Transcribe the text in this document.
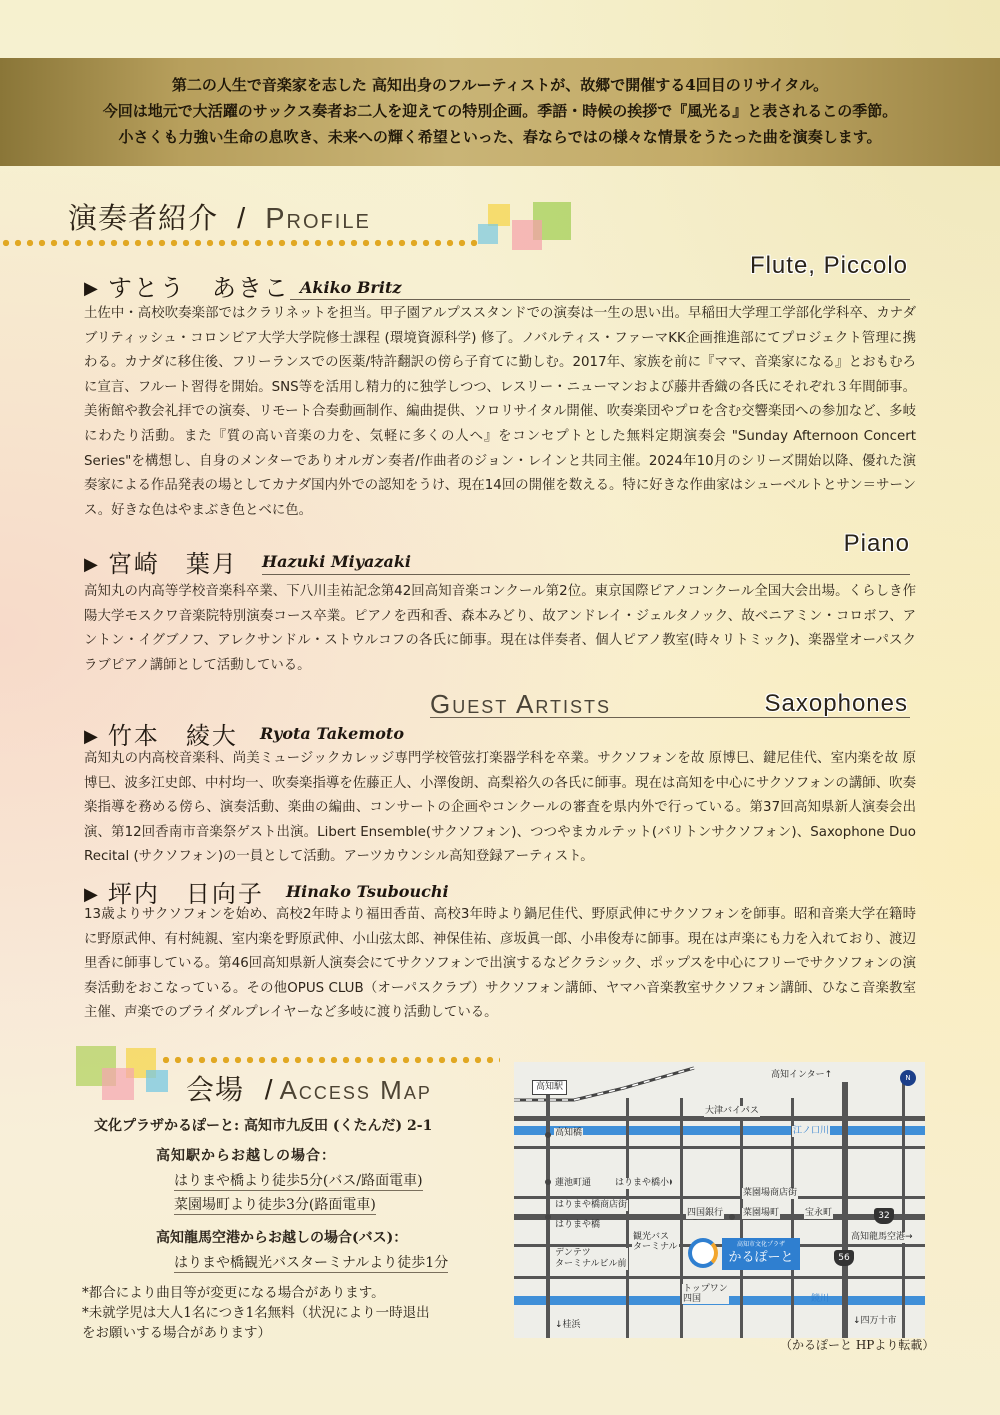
第二の人生で音楽家を志した 高知出身のフルーティストが、故郷で開催する4回目のリサイタル。

今回は地元で大活躍のサックス奏者お二人を迎えての特別企画。季語・時候の挨拶で『風光る』と表されるこの季節。

小さくも力強い生命の息吹き、未来への輝く希望といった、春ならではの様々な情景をうたった曲を演奏します。

演奏者紹介 / Profile
▶ すとう　あきこ Akiko Britz
Flute, Piccolo

土佐中・高校吹奏楽部ではクラリネットを担当。甲子園アルプススタンドでの演奏は一生の思い出。早稲田大学理工学部化学科卒、カナダ ブリティッシュ・コロンビア大学大学院修士課程 (環境資源科学) 修了。ノバルティス・ファーマKK企画推進部にてプロジェクト管理に携わる。カナダに移住後、フリーランスでの医薬/特許翻訳の傍ら子育てに勤しむ。2017年、家族を前に『ママ、音楽家になる』とおもむろに宣言、フルート習得を開始。SNS等を活用し精力的に独学しつつ、レスリー・ニューマンおよび藤井香織の各氏にそれぞれ３年間師事。美術館や教会礼拝での演奏、リモート合奏動画制作、編曲提供、ソロリサイタル開催、吹奏楽団やプロを含む交響楽団への参加など、多岐にわたり活動。また『質の高い音楽の力を、気軽に多くの人へ』をコンセプトとした無料定期演奏会 "Sunday Afternoon Concert Series"を構想し、自身のメンターでありオルガン奏者/作曲者のジョン・レインと共同主催。2024年10月のシリーズ開始以降、優れた演奏家による作品発表の場としてカナダ国内外での認知をうけ、現在14回の開催を数える。特に好きな作曲家はシューベルトとサン＝サーンス。好きな色はやまぶき色とベに色。

▶ 宮崎　葉月 Hazuki Miyazaki
Piano

高知丸の内高等学校音楽科卒業、下八川圭祐記念第42回高知音楽コンクール第2位。東京国際ピアノコンクール全国大会出場。くらしき作陽大学モスクワ音楽院特別演奏コース卒業。ピアノを西和香、森本みどり、故アンドレイ・ジェルタノック、故ベニアミン・コロボフ、アントン・イグブノフ、アレクサンドル・ストウルコフの各氏に師事。現在は伴奏者、個人ピアノ教室(時々リトミック)、楽器堂オーパスクラブピアノ講師として活動している。

Guest Artists	Saxophones
▶ 竹本　綾大 Ryota Takemoto

高知丸の内高校音楽科、尚美ミュージックカレッジ専門学校管弦打楽器学科を卒業。サクソフォンを故 原博巳、鍵尼佳代、室内楽を故 原博巳、波多江史郎、中村均一、吹奏楽指導を佐藤正人、小澤俊朗、高梨裕久の各氏に師事。現在は高知を中心にサクソフォンの講師、吹奏楽指導を務める傍ら、演奏活動、楽曲の編曲、コンサートの企画やコンクールの審査を県内外で行っている。第37回高知県新人演奏会出演、第12回香南市音楽祭ゲスト出演。Libert Ensemble(サクソフォン)、つつやまカルテット(バリトンサクソフォン)、Saxophone Duo Recital (サクソフォン)の一員として活動。アーツカウンシル高知登録アーティスト。

▶ 坪内　日向子 Hinako Tsubouchi

13歳よりサクソフォンを始め、高校2年時より福田香苗、高校3年時より鍋尼佳代、野原武伸にサクソフォンを師事。昭和音楽大学在籍時に野原武伸、有村純親、室内楽を野原武伸、小山弦太郎、神保佳祐、彦坂眞一郎、小串俊寿に師事。現在は声楽にも力を入れており、渡辺里香に師事している。第46回高知県新人演奏会にてサクソフォンで出演するなどクラシック、ポップスを中心にフリーでサクソフォンの演奏活動をおこなっている。その他OPUS CLUB（オーパスクラブ）サクソフォン講師、ヤマハ音楽教室サクソフォン講師、ひなこ音楽教室主催、声楽でのブライダルプレイヤーなど多岐に渡り活動している。

会場 / Access Map
文化プラザかるぽーと: 高知市九反田 (くたんだ) 2-1
高知駅からお越しの場合：
はりまや橋より徒歩5分(バス/路面電車)
菜園場町より徒歩3分(路面電車)
高知龍馬空港からお越しの場合(バス)：
はりまや橋観光バスターミナルより徒歩1分
*都合により曲目等が変更になる場合があります。
*未就学児は大人1名につき1名無料（状況により一時退出
をお願いする場合があります）
高知駅
高知インター↑	N
大津バイパス
高知橋	江ノ口川
蓮池町通	はりまや橋小
はりまや橋商店街
菜園場商店街
四国銀行
はりまや橋
菜園場町	宝永町	32
高知龍馬空港→
観光バス
ターミナル
デンテツ
ターミナルビル前
高知市文化プラザ
かるぽーと	56
トップワン
四国	鏡川
↓四万十市
↓桂浜
（かるぽーと HPより転載）
